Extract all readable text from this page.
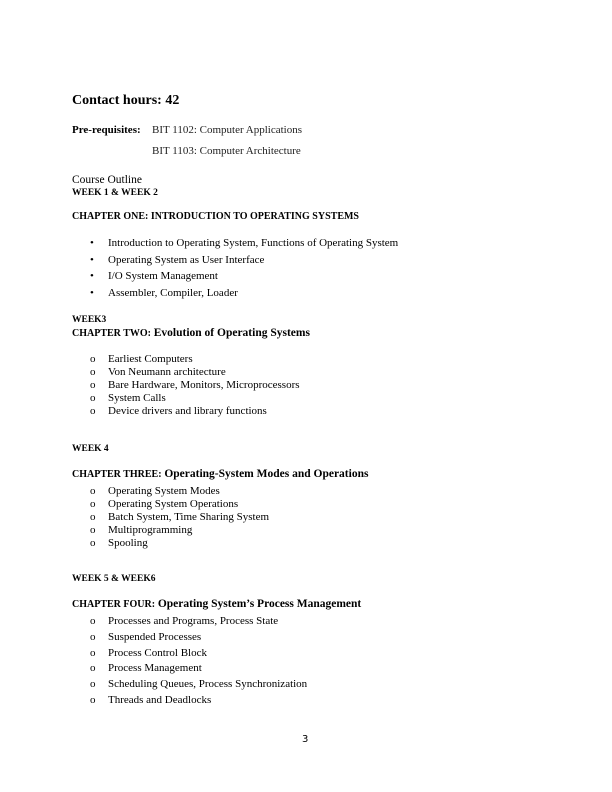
Contact hours: 42
Pre-requisites: BIT 1102: Computer Applications
BIT 1103: Computer Architecture
Course Outline
WEEK 1 & WEEK 2
CHAPTER ONE: INTRODUCTION TO OPERATING SYSTEMS
• Introduction to Operating System, Functions of Operating System
• Operating System as User Interface
• I/O System Management
• Assembler, Compiler, Loader
WEEK3
CHAPTER TWO: Evolution of Operating Systems
o Earliest Computers
o Von Neumann architecture
o Bare Hardware, Monitors, Microprocessors
o System Calls
o Device drivers and library functions
WEEK 4
CHAPTER THREE: Operating-System Modes and Operations
o Operating System Modes
o Operating System Operations
o Batch System, Time Sharing System
o Multiprogramming
o Spooling
WEEK 5 & WEEK6
CHAPTER FOUR: Operating System’s Process Management
o Processes and Programs, Process State
o Suspended Processes
o Process Control Block
o Process Management
o Scheduling Queues, Process Synchronization
o Threads and Deadlocks
3
